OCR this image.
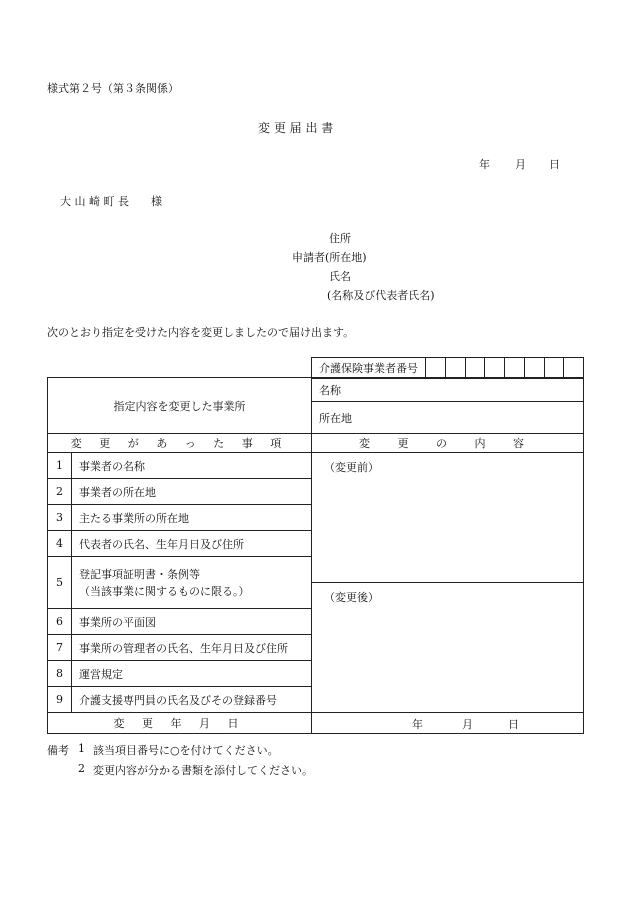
様式第２号（第３条関係）
変 更 届 出 書
年 月 日
大 山 崎 町 長　　様
住所
申請者(所在地)
氏名
(名称及び代表者氏名)
次のとおり指定を受けた内容を変更しましたので届け出ます。
介護保険事業者番号								
指定内容を変更した事業所		名称
		所在地
変 更 が あ っ た 事 項		変 更 の 内 容
1	事業者の名称	（変更前）
2	事業者の所在地	
3	主たる事業所の所在地	
4	代表者の氏名、生年月日及び住所	
5	登記事項証明書・条例等
（当該事業に関するものに限る。）	

		（変更後）
6	事業所の平面図	
7	事業所の管理者の氏名、生年月日及び住所	
8	運営規定	
9	介護支援専門員の氏名及びその登録番号	
変 更 年 月 日		年 月 日
備考 1 該当項目番号に○を付けてください。
2 変更内容が分かる書類を添付してください。
